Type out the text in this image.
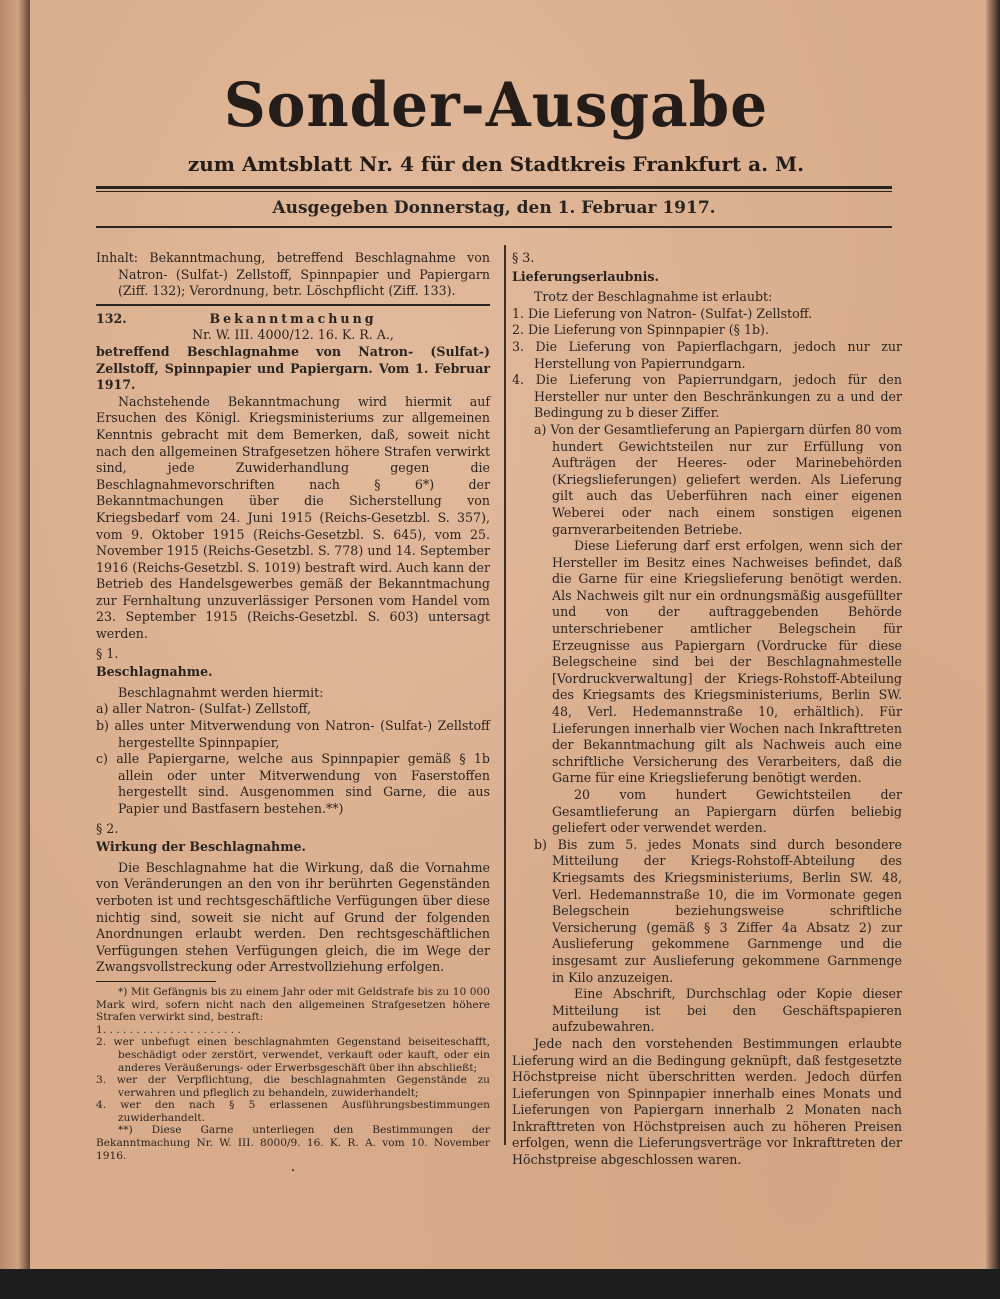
Sonder-Ausgabe
zum Amtsblatt Nr. 4 für den Stadtkreis Frankfurt a. M.
Ausgegeben Donnerstag, den 1. Februar 1917.

Inhalt: Bekanntmachung, betreffend Beschlagnahme von Natron- (Sulfat-) Zellstoff, Spinnpapier und Papiergarn (Ziff. 132); Verordnung, betr. Löschpflicht (Ziff. 133).

132.	Bekanntmachung

Nr. W. III. 4000/12. 16. K. R. A.,

betreffend Beschlagnahme von Natron- (Sulfat-) Zellstoff, Spinnpapier und Papiergarn. Vom 1. Februar 1917.

Nachstehende Bekanntmachung wird hiermit auf Ersuchen des Königl. Kriegsministeriums zur allgemeinen Kenntnis gebracht mit dem Bemerken, daß, soweit nicht nach den allgemeinen Strafgesetzen höhere Strafen verwirkt sind, jede Zuwiderhandlung gegen die Beschlagnahmevorschriften nach § 6*) der Bekanntmachungen über die Sicherstellung von Kriegsbedarf vom 24. Juni 1915 (Reichs-Gesetzbl. S. 357), vom 9. Oktober 1915 (Reichs-Gesetzbl. S. 645), vom 25. November 1915 (Reichs-Gesetzbl. S. 778) und 14. September 1916 (Reichs-Gesetzbl. S. 1019) bestraft wird. Auch kann der Betrieb des Handelsgewerbes gemäß der Bekanntmachung zur Fernhaltung unzuverlässiger Personen vom Handel vom 23. September 1915 (Reichs-Gesetzbl. S. 603) untersagt werden.

§ 1.

Beschlagnahme.

Beschlagnahmt werden hiermit:

a) aller Natron- (Sulfat-) Zellstoff,

b) alles unter Mitverwendung von Natron- (Sulfat-) Zellstoff hergestellte Spinnpapier,

c) alle Papiergarne, welche aus Spinnpapier gemäß § 1b allein oder unter Mitverwendung von Faserstoffen hergestellt sind. Ausgenommen sind Garne, die aus Papier und Bastfasern bestehen.**)

§ 2.

Wirkung der Beschlagnahme.

Die Beschlagnahme hat die Wirkung, daß die Vornahme von Veränderungen an den von ihr berührten Gegenständen verboten ist und rechtsgeschäftliche Verfügungen über diese nichtig sind, soweit sie nicht auf Grund der folgenden Anordnungen erlaubt werden. Den rechtsgeschäftlichen Verfügungen stehen Verfügungen gleich, die im Wege der Zwangsvollstreckung oder Arrestvollziehung erfolgen.

*) Mit Gefängnis bis zu einem Jahr oder mit Geldstrafe bis zu 10 000 Mark wird, sofern nicht nach den allgemeinen Strafgesetzen höhere Strafen verwirkt sind, bestraft:

1. . . . . . . . . . . . . . . . . . . . .

2. wer unbefugt einen beschlagnahmten Gegenstand beiseiteschafft, beschädigt oder zerstört, verwendet, verkauft oder kauft, oder ein anderes Veräußerungs- oder Erwerbsgeschäft über ihn abschließt;

3. wer der Verpflichtung, die beschlagnahmten Gegenstände zu verwahren und pfleglich zu behandeln, zuwiderhandelt;

4. wer den nach § 5 erlassenen Ausführungsbestimmungen zuwiderhandelt.

**) Diese Garne unterliegen den Bestimmungen der Bekanntmachung Nr. W. III. 8000/9. 16. K. R. A. vom 10. November 1916.

.

§ 3.

Lieferungserlaubnis.

Trotz der Beschlagnahme ist erlaubt:

1. Die Lieferung von Natron- (Sulfat-) Zellstoff.

2. Die Lieferung von Spinnpapier (§ 1b).

3. Die Lieferung von Papierflachgarn, jedoch nur zur Herstellung von Papierrundgarn.

4. Die Lieferung von Papierrundgarn, jedoch für den Hersteller nur unter den Beschränkungen zu a und der Bedingung zu b dieser Ziffer.

a) Von der Gesamtlieferung an Papiergarn dürfen 80 vom hundert Gewichtsteilen nur zur Erfüllung von Aufträgen der Heeres- oder Marinebehörden (Kriegslieferungen) geliefert werden. Als Lieferung gilt auch das Ueberführen nach einer eigenen Weberei oder nach einem sonstigen eigenen garnverarbeitenden Betriebe.

Diese Lieferung darf erst erfolgen, wenn sich der Hersteller im Besitz eines Nachweises befindet, daß die Garne für eine Kriegslieferung benötigt werden. Als Nachweis gilt nur ein ordnungsmäßig ausgefüllter und von der auftraggebenden Behörde unterschriebener amtlicher Belegschein für Erzeugnisse aus Papiergarn (Vordrucke für diese Belegscheine sind bei der Beschlagnahmestelle [Vordruckverwaltung] der Kriegs-Rohstoff-Abteilung des Kriegsamts des Kriegsministeriums, Berlin SW. 48, Verl. Hedemannstraße 10, erhältlich). Für Lieferungen innerhalb vier Wochen nach Inkrafttreten der Bekanntmachung gilt als Nachweis auch eine schriftliche Versicherung des Verarbeiters, daß die Garne für eine Kriegslieferung benötigt werden.

20 vom hundert Gewichtsteilen der Gesamtlieferung an Papiergarn dürfen beliebig geliefert oder verwendet werden.

b) Bis zum 5. jedes Monats sind durch besondere Mitteilung der Kriegs-Rohstoff-Abteilung des Kriegsamts des Kriegsministeriums, Berlin SW. 48, Verl. Hedemannstraße 10, die im Vormonate gegen Belegschein beziehungsweise schriftliche Versicherung (gemäß § 3 Ziffer 4a Absatz 2) zur Auslieferung gekommene Garnmenge und die insgesamt zur Auslieferung gekommene Garnmenge in Kilo anzuzeigen.

Eine Abschrift, Durchschlag oder Kopie dieser Mitteilung ist bei den Geschäftspapieren aufzubewahren.

Jede nach den vorstehenden Bestimmungen erlaubte Lieferung wird an die Bedingung geknüpft, daß festgesetzte Höchstpreise nicht überschritten werden. Jedoch dürfen Lieferungen von Spinnpapier innerhalb eines Monats und Lieferungen von Papiergarn innerhalb 2 Monaten nach Inkrafttreten von Höchstpreisen auch zu höheren Preisen erfolgen, wenn die Lieferungsverträge vor Inkrafttreten der Höchstpreise abgeschlossen waren.
